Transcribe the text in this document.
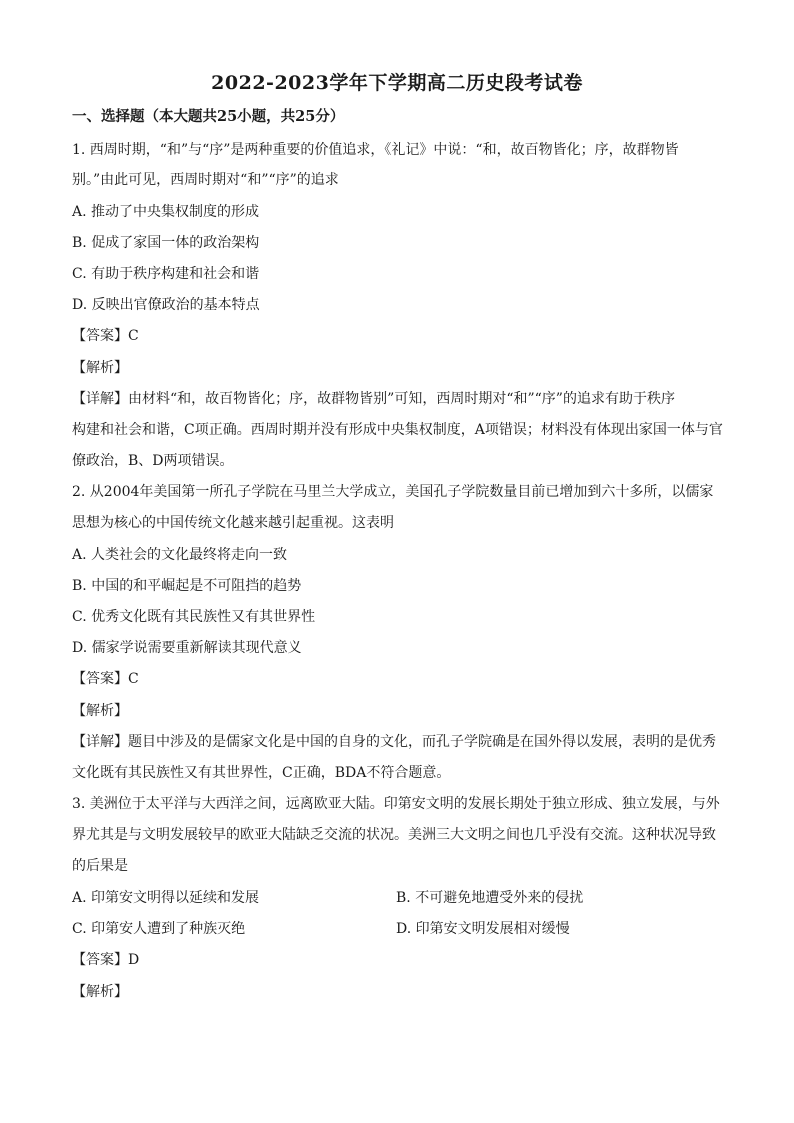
2022-2023学年下学期高二历史段考试卷
一、选择题（本大题共25小题，共25分）
1. 西周时期，“和”与“序”是两种重要的价值追求，《礼记》中说：“和，故百物皆化；序，故群物皆
别。”由此可见，西周时期对“和”“序”的追求
A. 推动了中央集权制度的形成
B. 促成了家国一体的政治架构
C. 有助于秩序构建和社会和谐
D. 反映出官僚政治的基本特点
【答案】C
【解析】
【详解】由材料“和，故百物皆化；序，故群物皆别”可知，西周时期对“和”“序”的追求有助于秩序
构建和社会和谐，C项正确。西周时期并没有形成中央集权制度，A项错误；材料没有体现出家国一体与官
僚政治，B、D两项错误。
2. 从2004年美国第一所孔子学院在马里兰大学成立，美国孔子学院数量目前已增加到六十多所，以儒家
思想为核心的中国传统文化越来越引起重视。这表明
A. 人类社会的文化最终将走向一致
B. 中国的和平崛起是不可阻挡的趋势
C. 优秀文化既有其民族性又有其世界性
D. 儒家学说需要重新解读其现代意义
【答案】C
【解析】
【详解】题目中涉及的是儒家文化是中国的自身的文化，而孔子学院确是在国外得以发展，表明的是优秀
文化既有其民族性又有其世界性，C正确，BDA不符合题意。
3. 美洲位于太平洋与大西洋之间，远离欧亚大陆。印第安文明的发展长期处于独立形成、独立发展，与外
界尤其是与文明发展较早的欧亚大陆缺乏交流的状况。美洲三大文明之间也几乎没有交流。这种状况导致
的后果是
A. 印第安文明得以延续和发展	B. 不可避免地遭受外来的侵扰
C. 印第安人遭到了种族灭绝	D. 印第安文明发展相对缓慢
【答案】D
【解析】
